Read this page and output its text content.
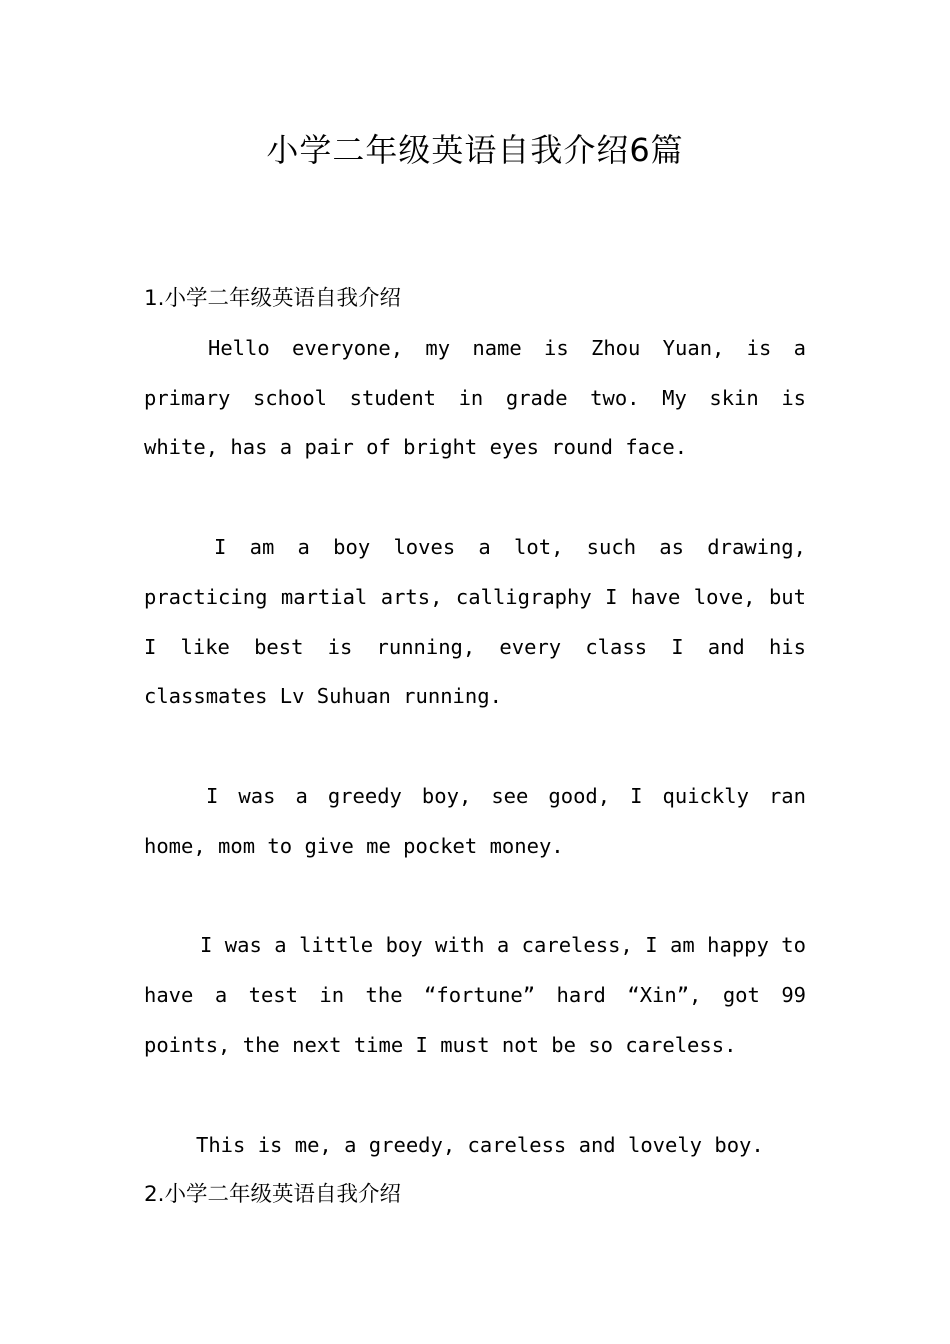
小学二年级英语自我介绍6篇
1.小学二年级英语自我介绍

Hello everyone, my name is Zhou Yuan, is a primary school student in grade two. My skin is white, has a pair of bright eyes round face.

I am a boy loves a lot, such as drawing, practicing martial arts, calligraphy I have love, but I like best is running, every class I and his classmates Lv Suhuan running.

I was a greedy boy, see good, I quickly ran home, mom to give me pocket money.

I was a little boy with a careless, I am happy to have a test in the “fortune” hard “Xin”, got 99 points, the next time I must not be so careless.

This is me, a greedy, careless and lovely boy.

2.小学二年级英语自我介绍
